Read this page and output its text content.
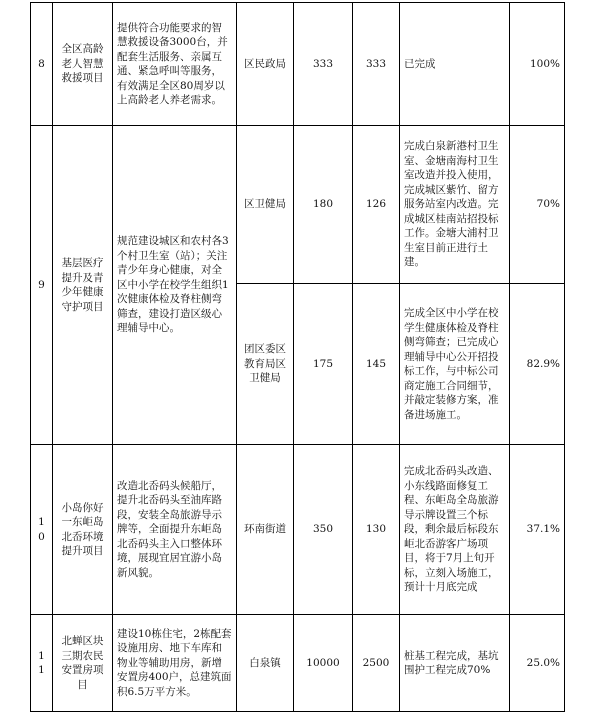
8	全区高龄老人智慧救援项目	提供符合功能要求的智慧救援设备3000台，并配套生活服务、亲属互通、紧急呼叫等服务，有效满足全区80周岁以上高龄老人养老需求。	区民政局	333	333	已完成	100%
9	基层医疗提升及青少年健康守护项目	规范建设城区和农村各3个村卫生室（站）；关注青少年身心健康，对全区中小学在校学生组织1次健康体检及脊柱侧弯筛查，建设打造区级心理辅导中心。	区卫健局	180	126	完成白泉新港村卫生室、金塘南海村卫生室改造并投入使用，完成城区紫竹、留方服务站室内改造。完成城区桂南站招投标工作。金塘大浦村卫生室目前正进行土建。	70%
			团区委区教育局区卫健局	175	145	完成全区中小学在校学生健康体检及脊柱侧弯筛查；已完成心理辅导中心公开招投标工作，与中标公司商定施工合同细节，并敲定装修方案，准备进场施工。	82.9%
10	小岛你好一东岠岛北岙环境提升项目	改造北岙码头候船厅，提升北岙码头至油库路段，安装全岛旅游导示牌等，全面提升东岠岛北岙码头主入口整体环境，展现宜居宜游小岛新风貌。	环南街道	350	130	完成北岙码头改造、小东线路面修复工程、东岠岛全岛旅游导示牌设置三个标段，剩余最后标段东岠北岙游客广场项目，将于7月上旬开标，立刻入场施工，预计十月底完成	37.1%
11	北蝉区块三期农民安置房项目	建设10栋住宅，2栋配套设施用房、地下车库和物业等辅助用房，新增安置房400户，总建筑面积6.5万平方米。	白泉镇	10000	2500	桩基工程完成，基坑围护工程完成70%	25.0%
